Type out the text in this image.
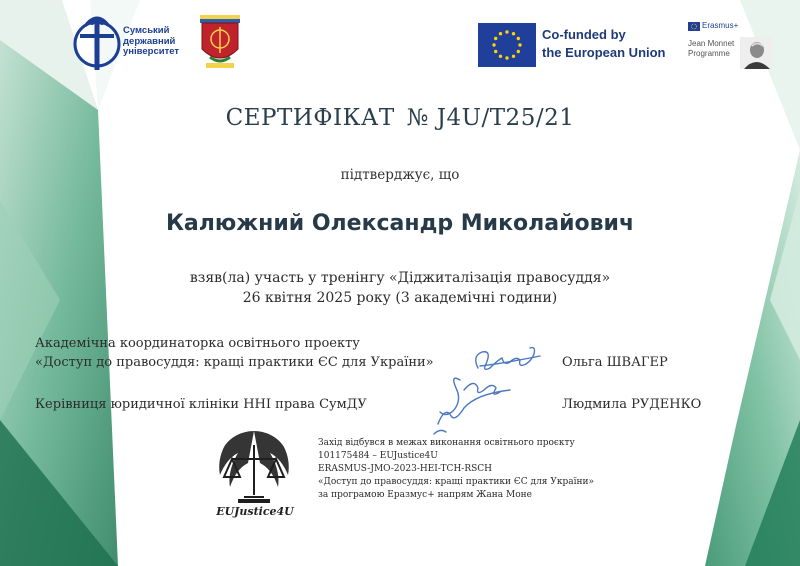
Сумський
державний
університет
Co-funded by
the European Union
Erasmus+
Jean Monnet
Programme
СЕРТИФІКАТ № J4U/T25/21
підтверджує, що
Калюжний Олександр Миколайович
взяв(ла) участь у тренінгу «Діджиталізація правосуддя»
26 квітня 2025 року (3 академічні години)
Академічна координаторка освітнього проекту
«Доступ до правосуддя: кращі практики ЄС для України»	Ольга ШВАГЕР
Керівниця юридичної клініки ННІ права СумДУ	Людмила РУДЕНКО
EUJustice4U
Захід відбувся в межах виконання освітнього проєкту
101175484 – EUJustice4U
ERASMUS-JMO-2023-HEI-TCH-RSCH
«Доступ до правосуддя: кращі практики ЄС для України»
за програмою Еразмус+ напрям Жана Моне
